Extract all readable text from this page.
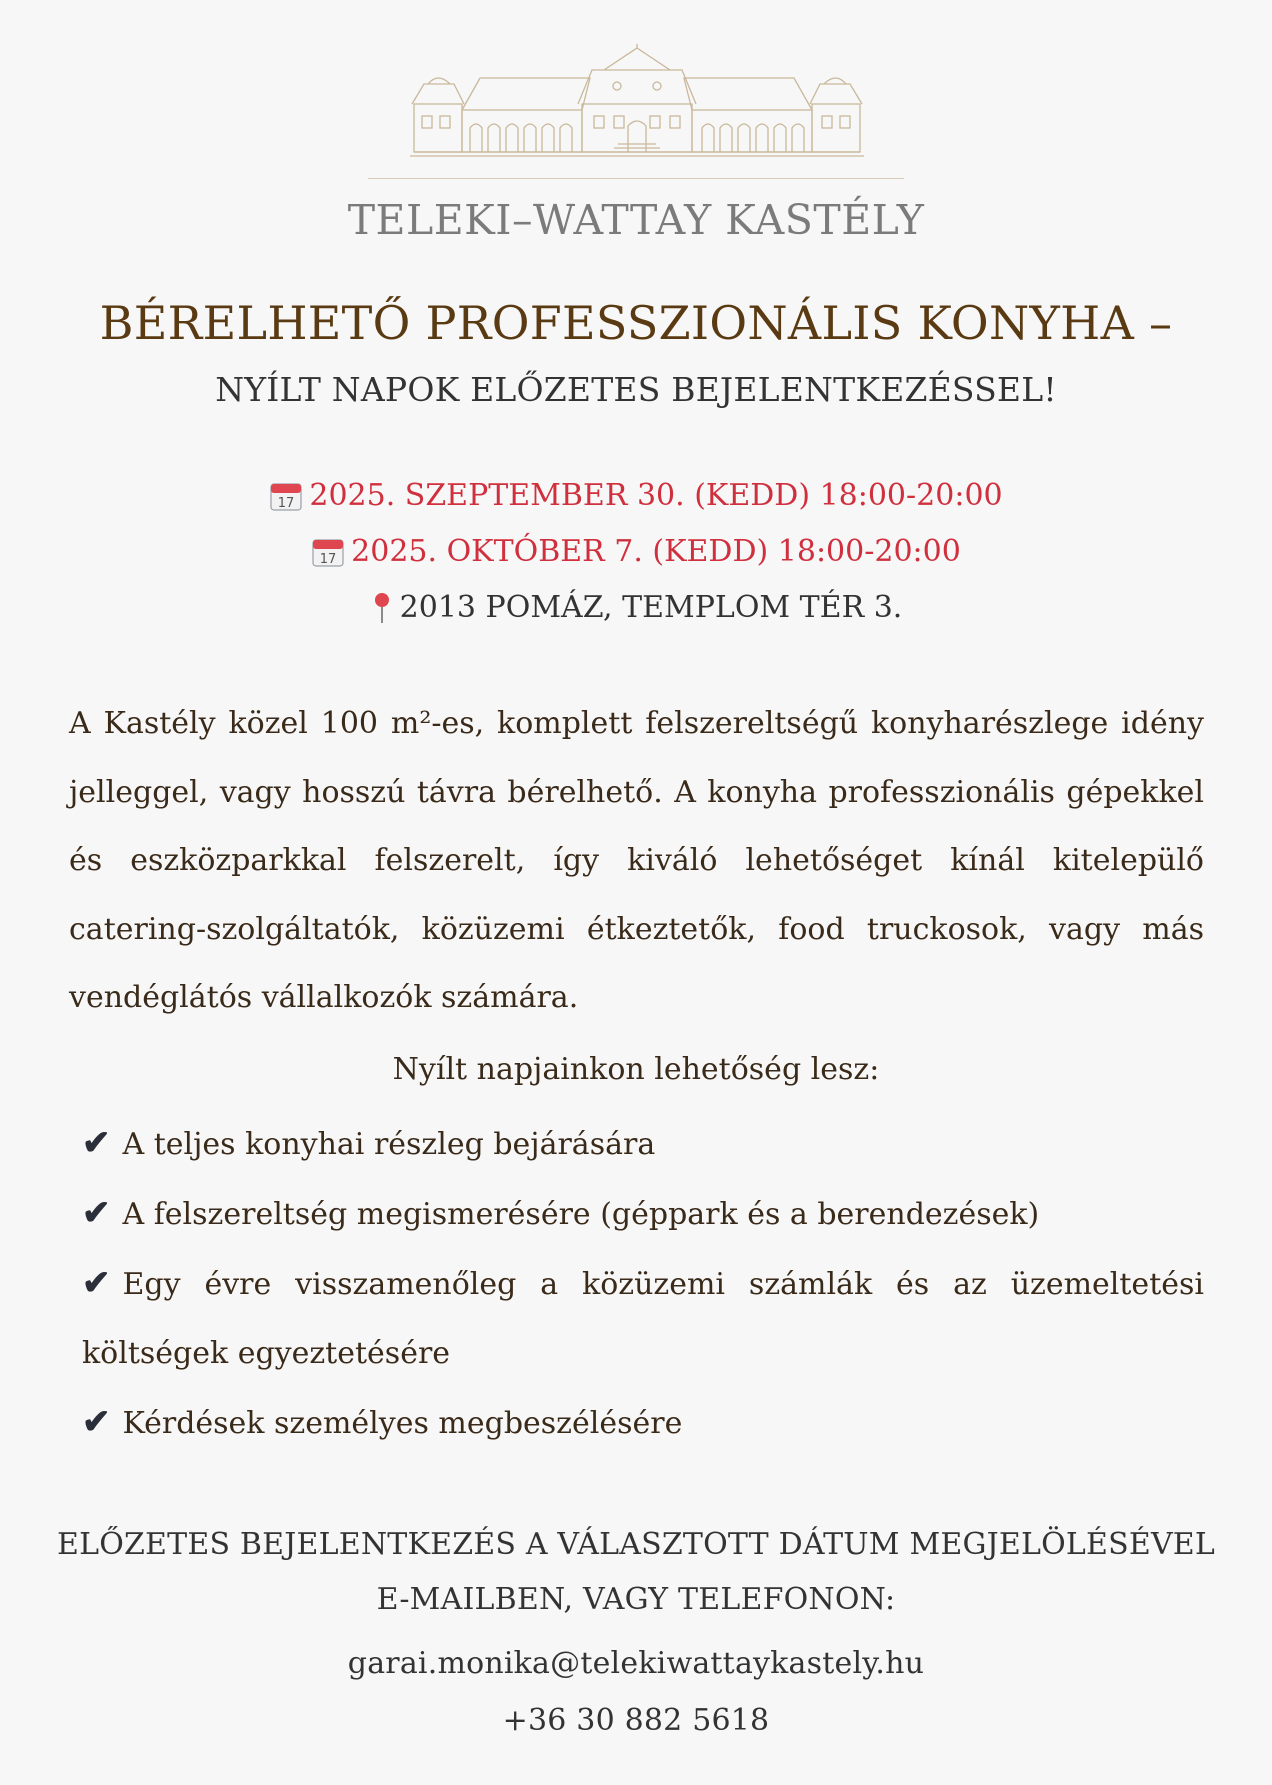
TELEKI–WATTAY KASTÉLY
BÉRELHETŐ PROFESSZIONÁLIS KONYHA –
NYÍLT NAPOK ELŐZETES BEJELENTKEZÉSSEL!
17 2025. SZEPTEMBER 30. (KEDD) 18:00-20:00
17 2025. OKTÓBER 7. (KEDD) 18:00-20:00
2013 POMÁZ, TEMPLOM TÉR 3.
A Kastély közel 100 m²-es, komplett felszereltségű konyharészlege idény jelleggel, vagy hosszú távra bérelhető. A konyha professzionális gépekkel és eszközparkkal felszerelt, így kiváló lehetőséget kínál kitelepülő catering-szolgáltatók, közüzemi étkeztetők, food truckosok, vagy más vendéglátós vállalkozók számára.
Nyílt napjainkon lehetőség lesz:

✔ A teljes konyhai részleg bejárására

✔ A felszereltség megismerésére (géppark és a berendezések)

✔ Egy évre visszamenőleg a közüzemi számlák és az üzemeltetési költségek egyeztetésére

✔ Kérdések személyes megbeszélésére

ELŐZETES BEJELENTKEZÉS A VÁLASZTOTT DÁTUM MEGJELÖLÉSÉVEL
E-MAILBEN, VAGY TELEFONON:
garai.monika@telekiwattaykastely.hu
+36 30 882 5618
